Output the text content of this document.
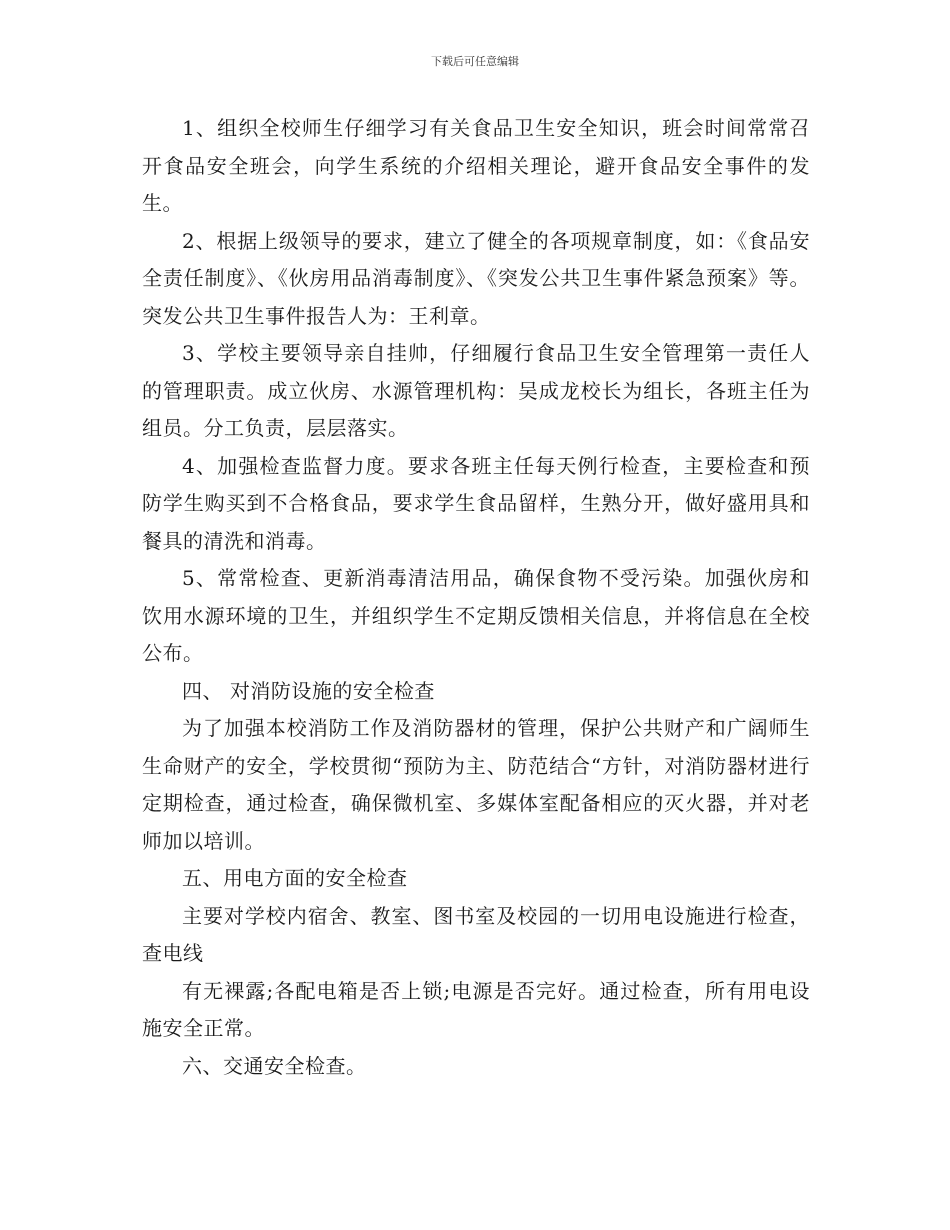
下载后可任意编辑

1、组织全校师生仔细学习有关食品卫生安全知识，班会时间常常召开食品安全班会，向学生系统的介绍相关理论，避开食品安全事件的发生。

2、根据上级领导的要求，建立了健全的各项规章制度，如：《食品安全责任制度》、《伙房用品消毒制度》、《突发公共卫生事件紧急预案》等。突发公共卫生事件报告人为：王利章。

3、学校主要领导亲自挂帅，仔细履行食品卫生安全管理第一责任人的管理职责。成立伙房、水源管理机构：吴成龙校长为组长，各班主任为组员。分工负责，层层落实。

4、加强检查监督力度。要求各班主任每天例行检查，主要检查和预防学生购买到不合格食品，要求学生食品留样，生熟分开，做好盛用具和餐具的清洗和消毒。

5、常常检查、更新消毒清洁用品，确保食物不受污染。加强伙房和饮用水源环境的卫生，并组织学生不定期反馈相关信息，并将信息在全校公布。

四、 对消防设施的安全检查

为了加强本校消防工作及消防器材的管理，保护公共财产和广阔师生生命财产的安全，学校贯彻“预防为主、防范结合“方针，对消防器材进行定期检查，通过检查，确保微机室、多媒体室配备相应的灭火器，并对老师加以培训。

五、用电方面的安全检查

主要对学校内宿舍、教室、图书室及校园的一切用电设施进行检查，查电线

有无裸露;各配电箱是否上锁;电源是否完好。通过检查，所有用电设施安全正常。

六、交通安全检查。
